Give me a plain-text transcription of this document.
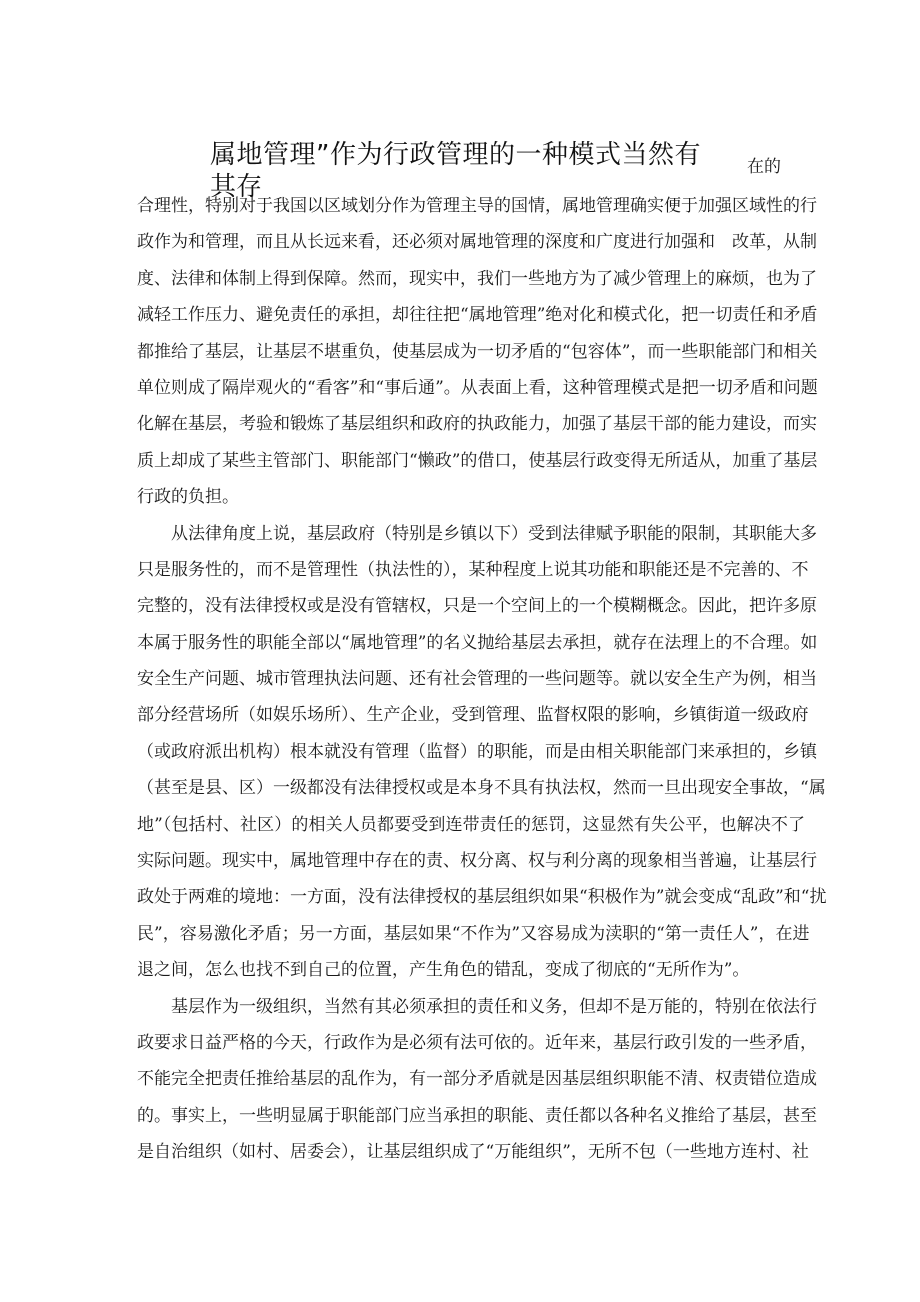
属地管理”作为行政管理的一种模式当然有
其存
在的
合理性，特别对于我国以区域划分作为管理主导的国情，属地管理确实便于加强区域性的行
政作为和管理，而且从长远来看，还必须对属地管理的深度和广度进行加强和　改革，从制
度、法律和体制上得到保障。然而，现实中，我们一些地方为了减少管理上的麻烦，也为了
减轻工作压力、避免责任的承担，却往往把“属地管理”绝对化和模式化，把一切责任和矛盾
都推给了基层，让基层不堪重负，使基层成为一切矛盾的“包容体”，而一些职能部门和相关
单位则成了隔岸观火的“看客”和“事后通”。从表面上看，这种管理模式是把一切矛盾和问题
化解在基层，考验和锻炼了基层组织和政府的执政能力，加强了基层干部的能力建设，而实
质上却成了某些主管部门、职能部门“懒政”的借口，使基层行政变得无所适从，加重了基层
行政的负担。
从法律角度上说，基层政府（特别是乡镇以下）受到法律赋予职能的限制，其职能大多
只是服务性的，而不是管理性（执法性的），某种程度上说其功能和职能还是不完善的、不
完整的，没有法律授权或是没有管辖权，只是一个空间上的一个模糊概念。因此，把许多原
本属于服务性的职能全部以“属地管理”的名义抛给基层去承担，就存在法理上的不合理。如
安全生产问题、城市管理执法问题、还有社会管理的一些问题等。就以安全生产为例，相当
部分经营场所（如娱乐场所）、生产企业，受到管理、监督权限的影响，乡镇街道一级政府
（或政府派出机构）根本就没有管理（监督）的职能，而是由相关职能部门来承担的，乡镇
（甚至是县、区）一级都没有法律授权或是本身不具有执法权，然而一旦出现安全事故，“属
地”（包括村、社区）的相关人员都要受到连带责任的惩罚，这显然有失公平，也解决不了
实际问题。现实中，属地管理中存在的责、权分离、权与利分离的现象相当普遍，让基层行
政处于两难的境地：一方面，没有法律授权的基层组织如果“积极作为”就会变成“乱政”和“扰
民”，容易激化矛盾；另一方面，基层如果“不作为”又容易成为渎职的“第一责任人”，在进
退之间，怎么也找不到自己的位置，产生角色的错乱，变成了彻底的“无所作为”。
基层作为一级组织，当然有其必须承担的责任和义务，但却不是万能的，特别在依法行
政要求日益严格的今天，行政作为是必须有法可依的。近年来，基层行政引发的一些矛盾，
不能完全把责任推给基层的乱作为，有一部分矛盾就是因基层组织职能不清、权责错位造成
的。事实上，一些明显属于职能部门应当承担的职能、责任都以各种名义推给了基层，甚至
是自治组织（如村、居委会），让基层组织成了“万能组织”，无所不包（一些地方连村、社
